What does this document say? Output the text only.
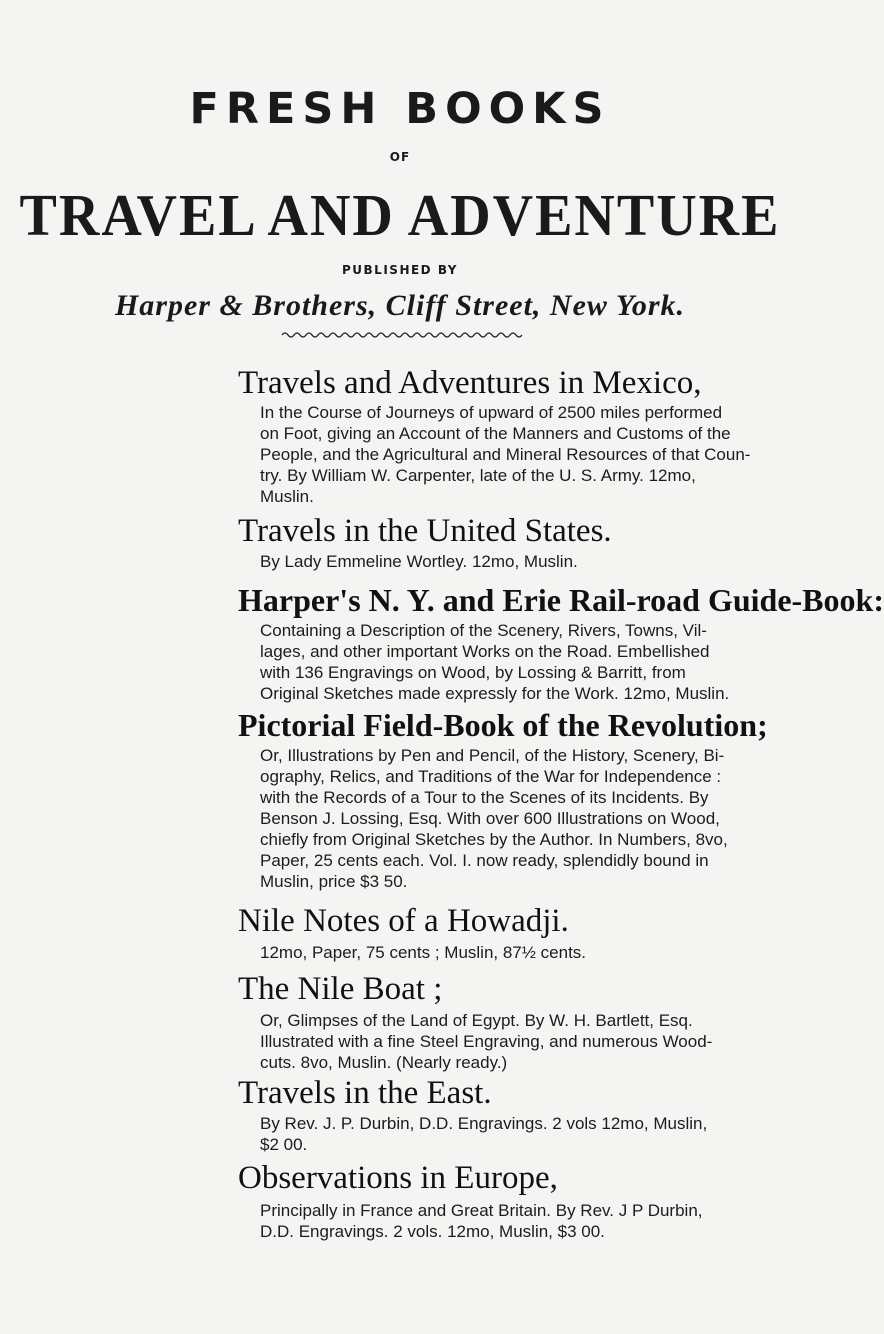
FRESH BOOKS
OF
TRAVEL AND ADVENTURE
PUBLISHED BY
Harper & Brothers, Cliff Street, New York.
Travels and Adventures in Mexico,
In the Course of Journeys of upward of 2500 miles performed
on Foot, giving an Account of the Manners and Customs of the
People, and the Agricultural and Mineral Resources of that Coun-
try. By William W. Carpenter, late of the U. S. Army. 12mo,
Muslin.
Travels in the United States.
By Lady Emmeline Wortley. 12mo, Muslin.
Harper's N. Y. and Erie Rail-road Guide-Book:
Containing a Description of the Scenery, Rivers, Towns, Vil-
lages, and other important Works on the Road. Embellished
with 136 Engravings on Wood, by Lossing & Barritt, from
Original Sketches made expressly for the Work. 12mo, Muslin.
Pictorial Field-Book of the Revolution;
Or, Illustrations by Pen and Pencil, of the History, Scenery, Bi-
ography, Relics, and Traditions of the War for Independence :
with the Records of a Tour to the Scenes of its Incidents. By
Benson J. Lossing, Esq. With over 600 Illustrations on Wood,
chiefly from Original Sketches by the Author. In Numbers, 8vo,
Paper, 25 cents each. Vol. I. now ready, splendidly bound in
Muslin, price $3 50.
Nile Notes of a Howadji.
12mo, Paper, 75 cents ; Muslin, 87½ cents.
The Nile Boat ;
Or, Glimpses of the Land of Egypt. By W. H. Bartlett, Esq.
Illustrated with a fine Steel Engraving, and numerous Wood-
cuts. 8vo, Muslin. (Nearly ready.)
Travels in the East.
By Rev. J. P. Durbin, D.D. Engravings. 2 vols 12mo, Muslin,
$2 00.
Observations in Europe,
Principally in France and Great Britain. By Rev. J P Durbin,
D.D. Engravings. 2 vols. 12mo, Muslin, $3 00.
